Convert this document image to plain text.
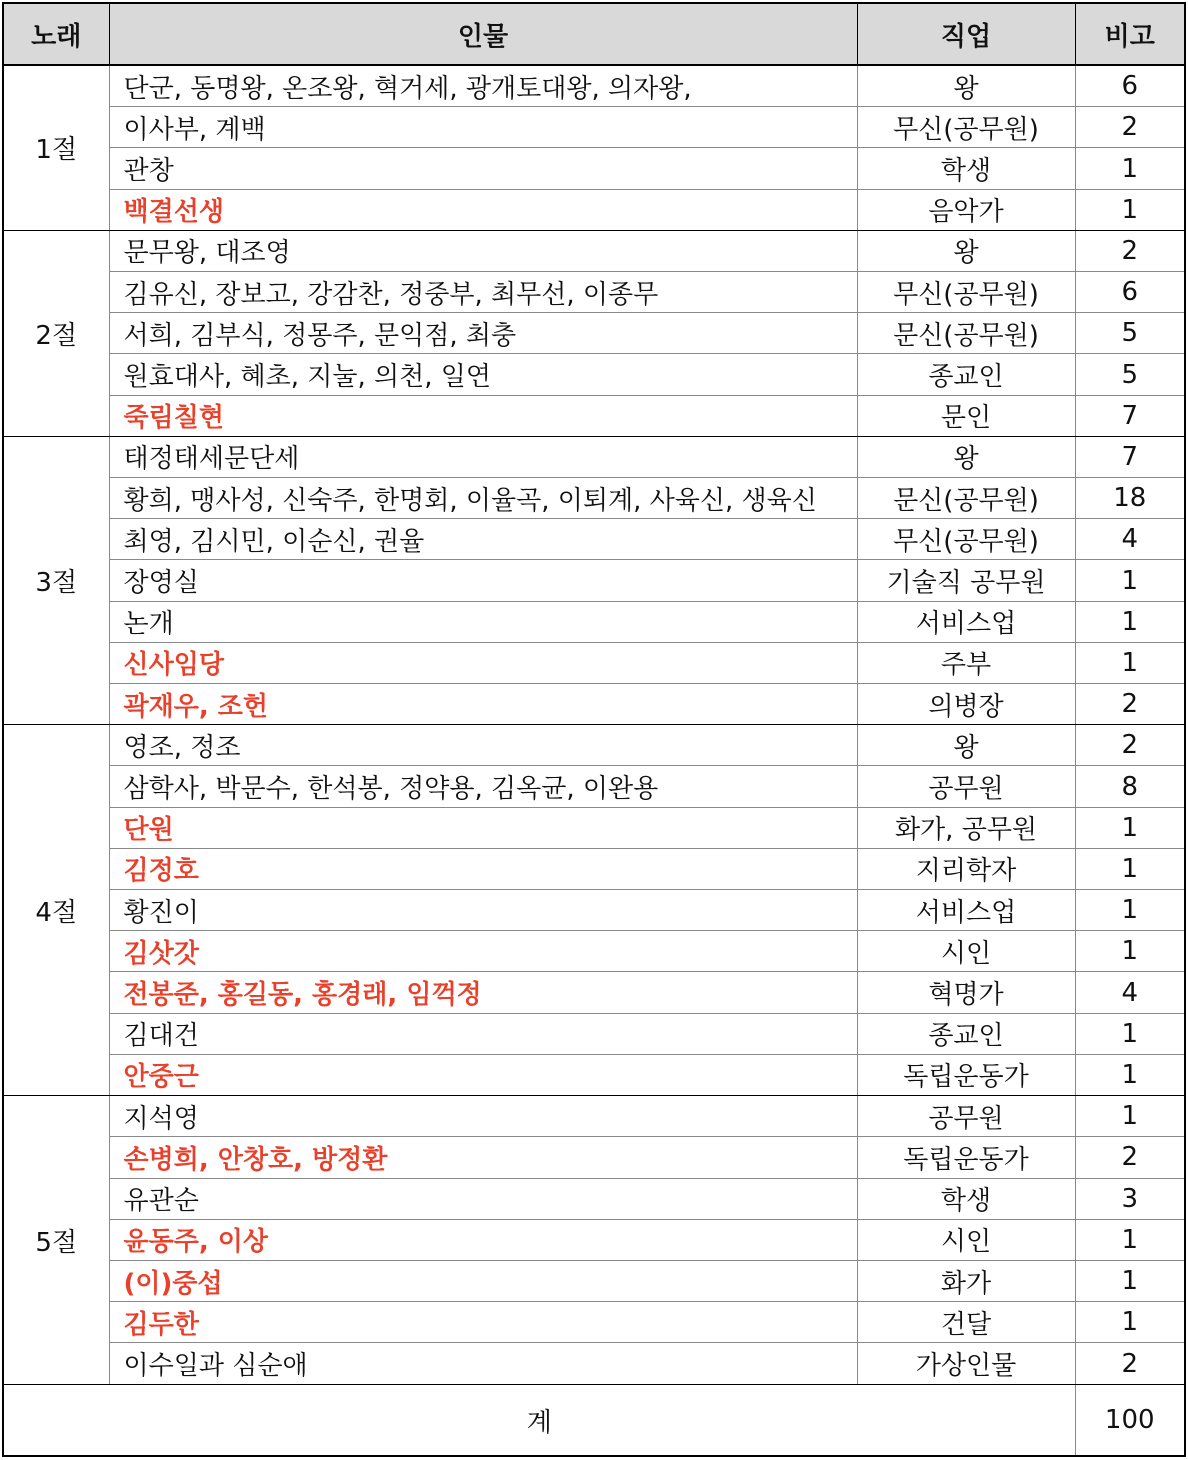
노래	인물	직업	비고
1절	단군, 동명왕, 온조왕, 혁거세, 광개토대왕, 의자왕,	왕	6
	이사부, 계백	무신(공무원)	2
	관창	학생	1
	백결선생	음악가	1
2절	문무왕, 대조영	왕	2
	김유신, 장보고, 강감찬, 정중부, 최무선, 이종무	무신(공무원)	6
	서희, 김부식, 정몽주, 문익점, 최충	문신(공무원)	5
	원효대사, 혜초, 지눌, 의천, 일연	종교인	5
	죽림칠현	문인	7
3절	태정태세문단세	왕	7
	황희, 맹사성, 신숙주, 한명회, 이율곡, 이퇴계, 사육신, 생육신	문신(공무원)	18
	최영, 김시민, 이순신, 권율	무신(공무원)	4
	장영실	기술직 공무원	1
	논개	서비스업	1
	신사임당	주부	1
	곽재우, 조헌	의병장	2
4절	영조, 정조	왕	2
	삼학사, 박문수, 한석봉, 정약용, 김옥균, 이완용	공무원	8
	단원	화가, 공무원	1
	김정호	지리학자	1
	황진이	서비스업	1
	김삿갓	시인	1
	전봉준, 홍길동, 홍경래, 임꺽정	혁명가	4
	김대건	종교인	1
	안중근	독립운동가	1
5절	지석영	공무원	1
	손병희, 안창호, 방정환	독립운동가	2
	유관순	학생	3
	윤동주, 이상	시인	1
	(이)중섭	화가	1
	김두한	건달	1
	이수일과 심순애	가상인물	2
계			100
